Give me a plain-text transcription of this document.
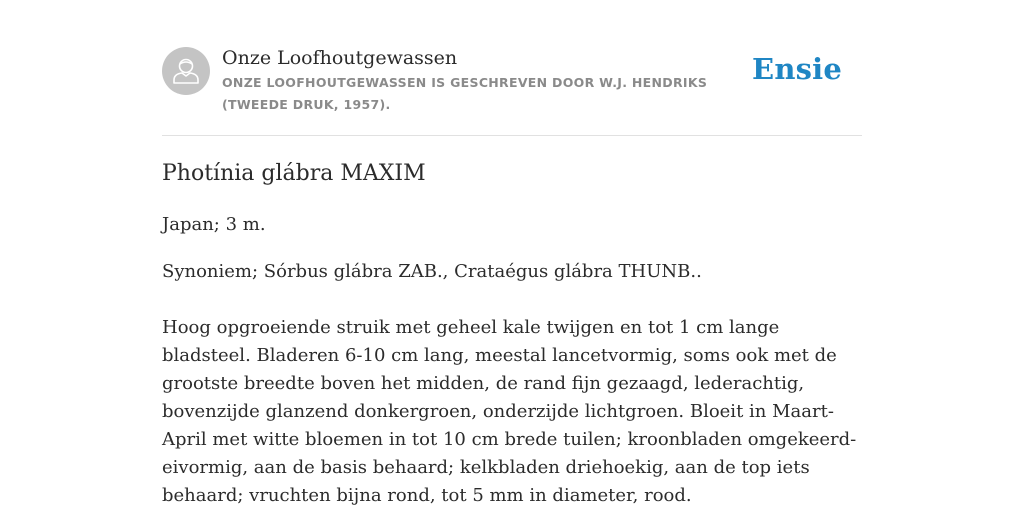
Onze Loofhoutgewassen
ONZE LOOFHOUTGEWASSEN IS GESCHREVEN DOOR W.J. HENDRIKS (TWEEDE DRUK, 1957).
Ensie
Photínia glábra MAXIM

Japan; 3 m.

Synoniem; Sórbus glábra ZAB., Crataégus glábra THUNB..

Hoog opgroeiende struik met geheel kale twijgen en tot 1 cm lange bladsteel. Bladeren 6-10 cm lang, meestal lancetvormig, soms ook met de grootste breedte boven het midden, de rand fijn gezaagd, lederachtig, bovenzijde glanzend donkergroen, onderzijde lichtgroen. Bloeit in Maart-April met witte bloemen in tot 10 cm brede tuilen; kroonbladen omgekeerd-eivormig, aan de basis behaard; kelkbladen driehoekig, aan de top iets behaard; vruchten bijna rond, tot 5 mm in diameter, rood.
